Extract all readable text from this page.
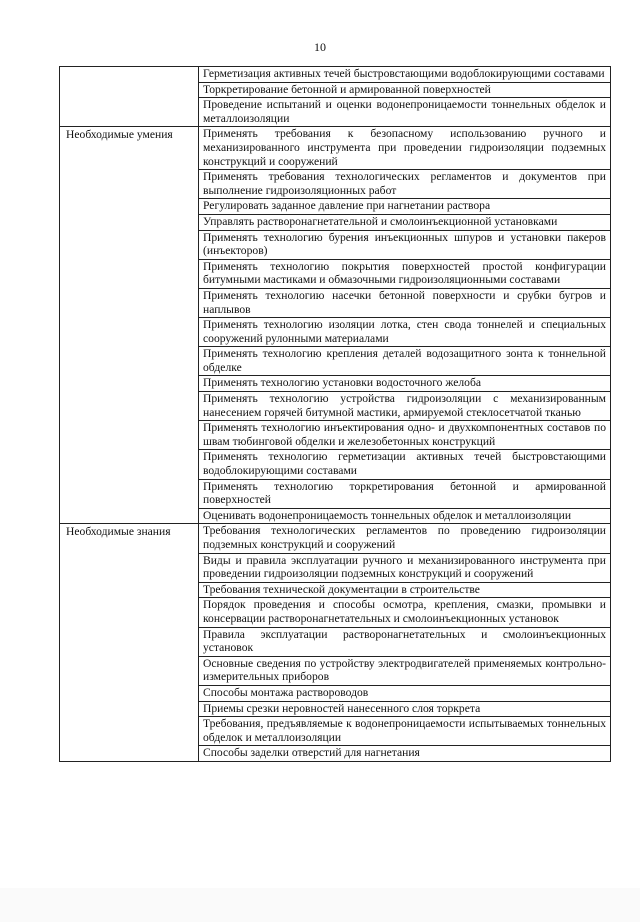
10
	Герметизация активных течей быстровстающими водоблокирующими составами
	Торкретирование бетонной и армированной поверхностей
	Проведение испытаний и оценки водонепроницаемости тоннельных обделок и металлоизоляции
Необходимые умения	Применять требования к безопасному использованию ручного и механизированного инструмента при проведении гидроизоляции подземных конструкций и сооружений
	Применять требования технологических регламентов и документов при выполнение гидроизоляционных работ
	Регулировать заданное давление при нагнетании раствора
	Управлять растворонагнетательной и смолоинъекционной установками
	Применять технологию бурения инъекционных шпуров и установки пакеров (инъекторов)
	Применять технологию покрытия поверхностей простой конфигурации битумными мастиками и обмазочными гидроизоляционными составами
	Применять технологию насечки бетонной поверхности и срубки бугров и наплывов
	Применять технологию изоляции лотка, стен свода тоннелей и специальных сооружений рулонными материалами
	Применять технологию крепления деталей водозащитного зонта к тоннельной обделке
	Применять технологию установки водосточного желоба
	Применять технологию устройства гидроизоляции с механизированным нанесением горячей битумной мастики, армируемой стеклосетчатой тканью
	Применять технологию инъектирования одно- и двухкомпонентных составов по швам тюбинговой обделки и железобетонных конструкций
	Применять технологию герметизации активных течей быстровстающими водоблокирующими составами
	Применять технологию торкретирования бетонной и армированной поверхностей
	Оценивать водонепроницаемость тоннельных обделок и металлоизоляции
Необходимые знания	Требования технологических регламентов по проведению гидроизоляции подземных конструкций и сооружений
	Виды и правила эксплуатации ручного и механизированного инструмента при проведении гидроизоляции подземных конструкций и сооружений
	Требования технической документации в строительстве
	Порядок проведения и способы осмотра, крепления, смазки, промывки и консервации растворонагнетательных и смолоинъекционных установок
	Правила эксплуатации растворонагнетательных и смолоинъекционных установок
	Основные сведения по устройству электродвигателей применяемых контрольно-измерительных приборов
	Способы монтажа раствороводов
	Приемы срезки неровностей нанесенного слоя торкрета
	Требования, предъявляемые к водонепроницаемости испытываемых тоннельных обделок и металлоизоляции
	Способы заделки отверстий для нагнетания
